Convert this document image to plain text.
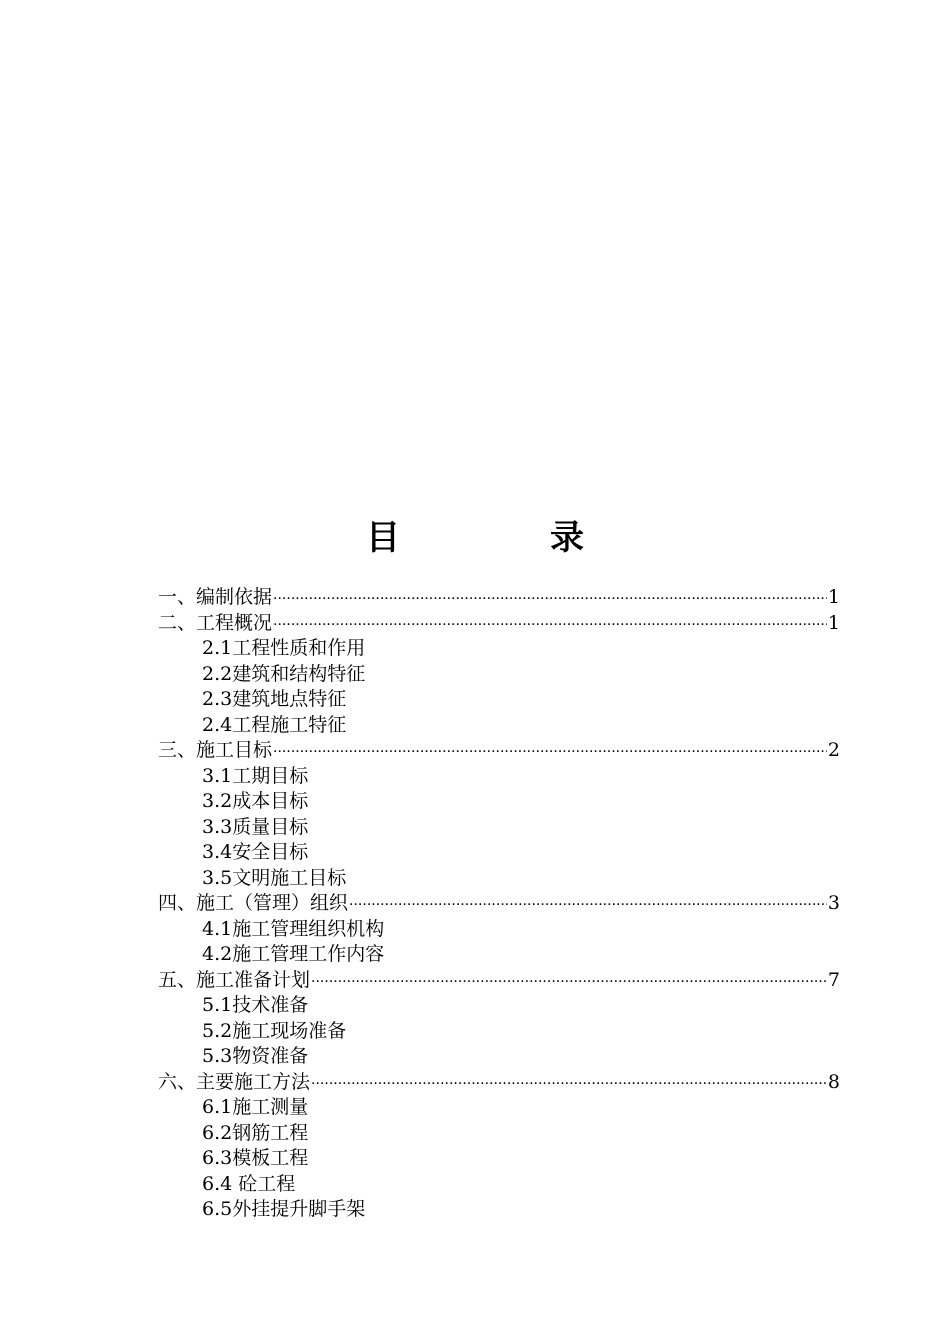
目	录
一、编制依据 ·····	1
二、工程概况 ·····	1
2.1工程性质和作用
2.2建筑和结构特征
2.3建筑地点特征
2.4工程施工特征
三、施工目标 ·····	2
3.1工期目标
3.2成本目标
3.3质量目标
3.4安全目标
3.5文明施工目标
四、施工（管理）组织 ·····	3
4.1施工管理组织机构
4.2施工管理工作内容
五、施工准备计划 ·····	7
5.1技术准备
5.2施工现场准备
5.3物资准备
六、主要施工方法 ·····	8
6.1施工测量
6.2钢筋工程
6.3模板工程
6.4 砼工程
6.5外挂提升脚手架
